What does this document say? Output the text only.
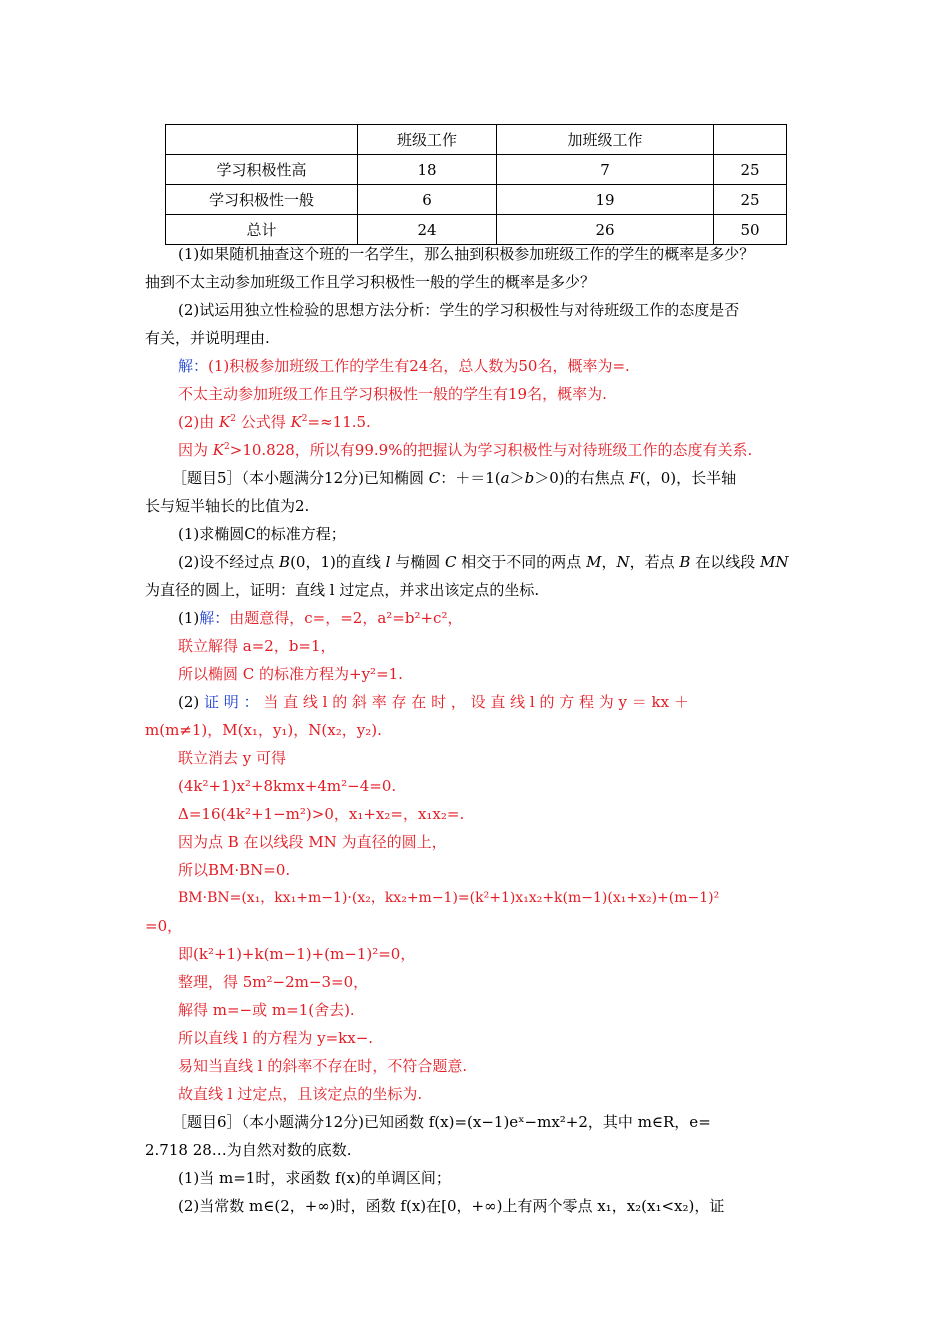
	班级工作	加班级工作	
学习积极性高	18	7	25
学习积极性一般	6	19	25
总计	24	26	50
(1)如果随机抽查这个班的一名学生，那么抽到积极参加班级工作的学生的概率是多少？
抽到不太主动参加班级工作且学习积极性一般的学生的概率是多少？
(2)试运用独立性检验的思想方法分析：学生的学习积极性与对待班级工作的态度是否
有关，并说明理由.
解：(1)积极参加班级工作的学生有24名，总人数为50名，概率为=.
不太主动参加班级工作且学习积极性一般的学生有19名，概率为.
(2)由 $K^2$ 公式得 $K^2=\approx 11.5$.
因为 $K^2>10.828$，所以有99.9%的把握认为学习积极性与对待班级工作的态度有关系.
［题目5］（本小题满分12分)已知椭圆 C：＋＝1(a＞b＞0)的右焦点 F(，0)，长半轴
长与短半轴长的比值为2.
(1)求椭圆C的标准方程；
(2)设不经过点 B(0，1)的直线 l 与椭圆 C 相交于不同的两点 M，N，若点 B 在以线段 MN
为直径的圆上，证明：直线 l 过定点，并求出该定点的坐标.
(1)解：由题意得，c=，=2，a²=b²+c²，
联立解得 a=2，b=1，
所以椭圆 C 的标准方程为+y²=1.
(2) 证 明 ： 当 直 线 l 的 斜 率 存 在 时 ， 设 直 线 l 的 方 程 为 y ＝ kx ＋
m(m≠1)，M(x₁，y₁)，N(x₂，y₂).
联立消去 y 可得
(4k²+1)x²+8kmx+4m²−4=0.
Δ=16(4k²+1−m²)>0，x₁+x₂=，x₁x₂=.
因为点 B 在以线段 MN 为直径的圆上，
所以BM·BN=0.
BM·BN=(x₁，kx₁+m−1)·(x₂，kx₂+m−1)=(k²+1)x₁x₂+k(m−1)(x₁+x₂)+(m−1)²
=0，
即(k²+1)+k(m−1)+(m−1)²=0，
整理，得 5m²−2m−3=0，
解得 m=−或 m=1(舍去).
所以直线 l 的方程为 y=kx−.
易知当直线 l 的斜率不存在时，不符合题意.
故直线 l 过定点，且该定点的坐标为.
［题目6］（本小题满分12分)已知函数 f(x)=(x−1)eˣ−mx²+2，其中 m∈R，e=
2.718 28…为自然对数的底数.
(1)当 m=1时，求函数 f(x)的单调区间；
(2)当常数 m∈(2，+∞)时，函数 f(x)在[0，+∞)上有两个零点 x₁，x₂(x₁<x₂)，证
